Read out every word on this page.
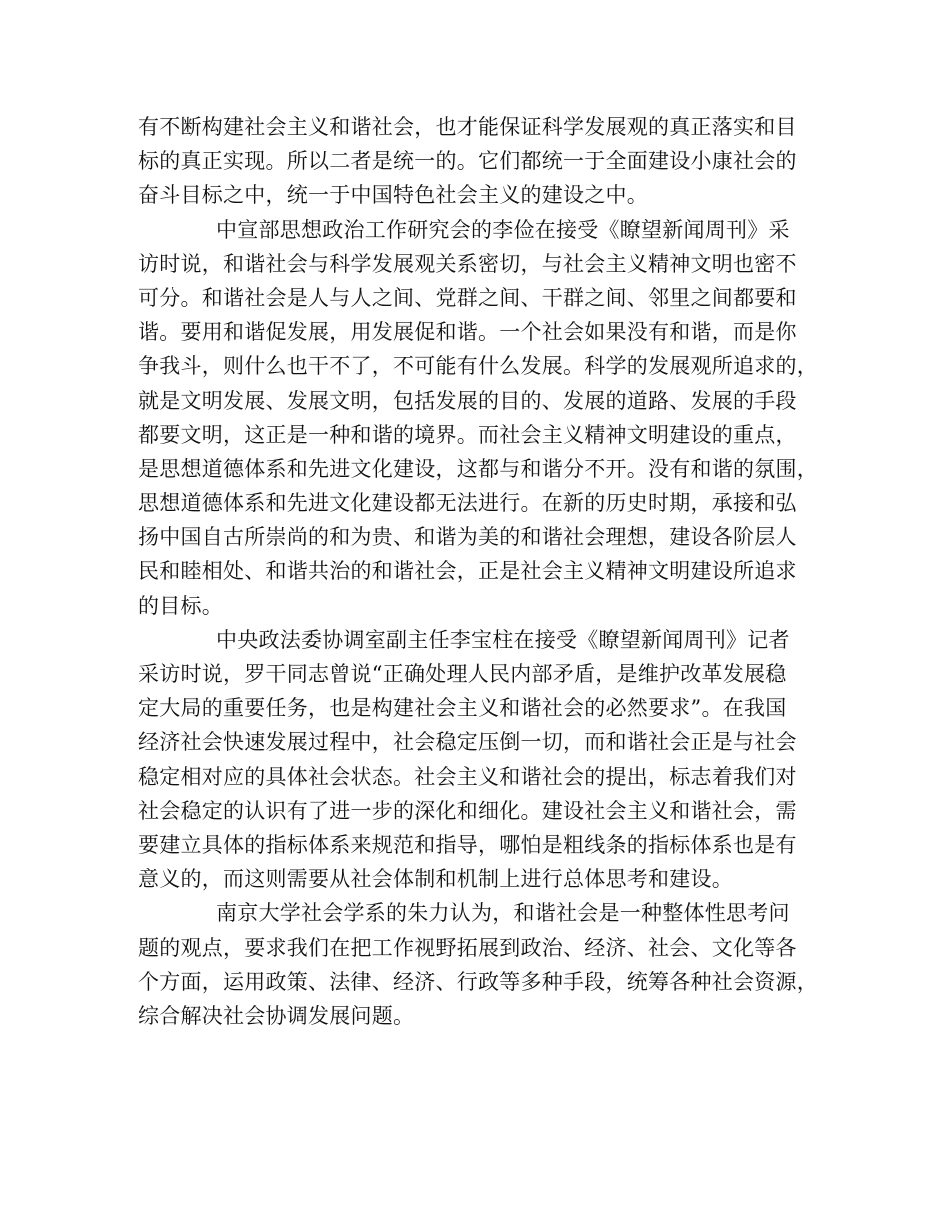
有不断构建社会主义和谐社会，也才能保证科学发展观的真正落实和目
标的真正实现。所以二者是统一的。它们都统一于全面建设小康社会的
奋斗目标之中，统一于中国特色社会主义的建设之中。
中宣部思想政治工作研究会的李俭在接受《瞭望新闻周刊》采
访时说，和谐社会与科学发展观关系密切，与社会主义精神文明也密不
可分。和谐社会是人与人之间、党群之间、干群之间、邻里之间都要和
谐。要用和谐促发展，用发展促和谐。一个社会如果没有和谐，而是你
争我斗，则什么也干不了，不可能有什么发展。科学的发展观所追求的，
就是文明发展、发展文明，包括发展的目的、发展的道路、发展的手段
都要文明，这正是一种和谐的境界。而社会主义精神文明建设的重点，
是思想道德体系和先进文化建设，这都与和谐分不开。没有和谐的氛围，
思想道德体系和先进文化建设都无法进行。在新的历史时期，承接和弘
扬中国自古所崇尚的和为贵、和谐为美的和谐社会理想，建设各阶层人
民和睦相处、和谐共治的和谐社会，正是社会主义精神文明建设所追求
的目标。
中央政法委协调室副主任李宝柱在接受《瞭望新闻周刊》记者
采访时说，罗干同志曾说“正确处理人民内部矛盾，是维护改革发展稳
定大局的重要任务，也是构建社会主义和谐社会的必然要求”。在我国
经济社会快速发展过程中，社会稳定压倒一切，而和谐社会正是与社会
稳定相对应的具体社会状态。社会主义和谐社会的提出，标志着我们对
社会稳定的认识有了进一步的深化和细化。建设社会主义和谐社会，需
要建立具体的指标体系来规范和指导，哪怕是粗线条的指标体系也是有
意义的，而这则需要从社会体制和机制上进行总体思考和建设。
南京大学社会学系的朱力认为，和谐社会是一种整体性思考问
题的观点，要求我们在把工作视野拓展到政治、经济、社会、文化等各
个方面，运用政策、法律、经济、行政等多种手段，统筹各种社会资源，
综合解决社会协调发展问题。
